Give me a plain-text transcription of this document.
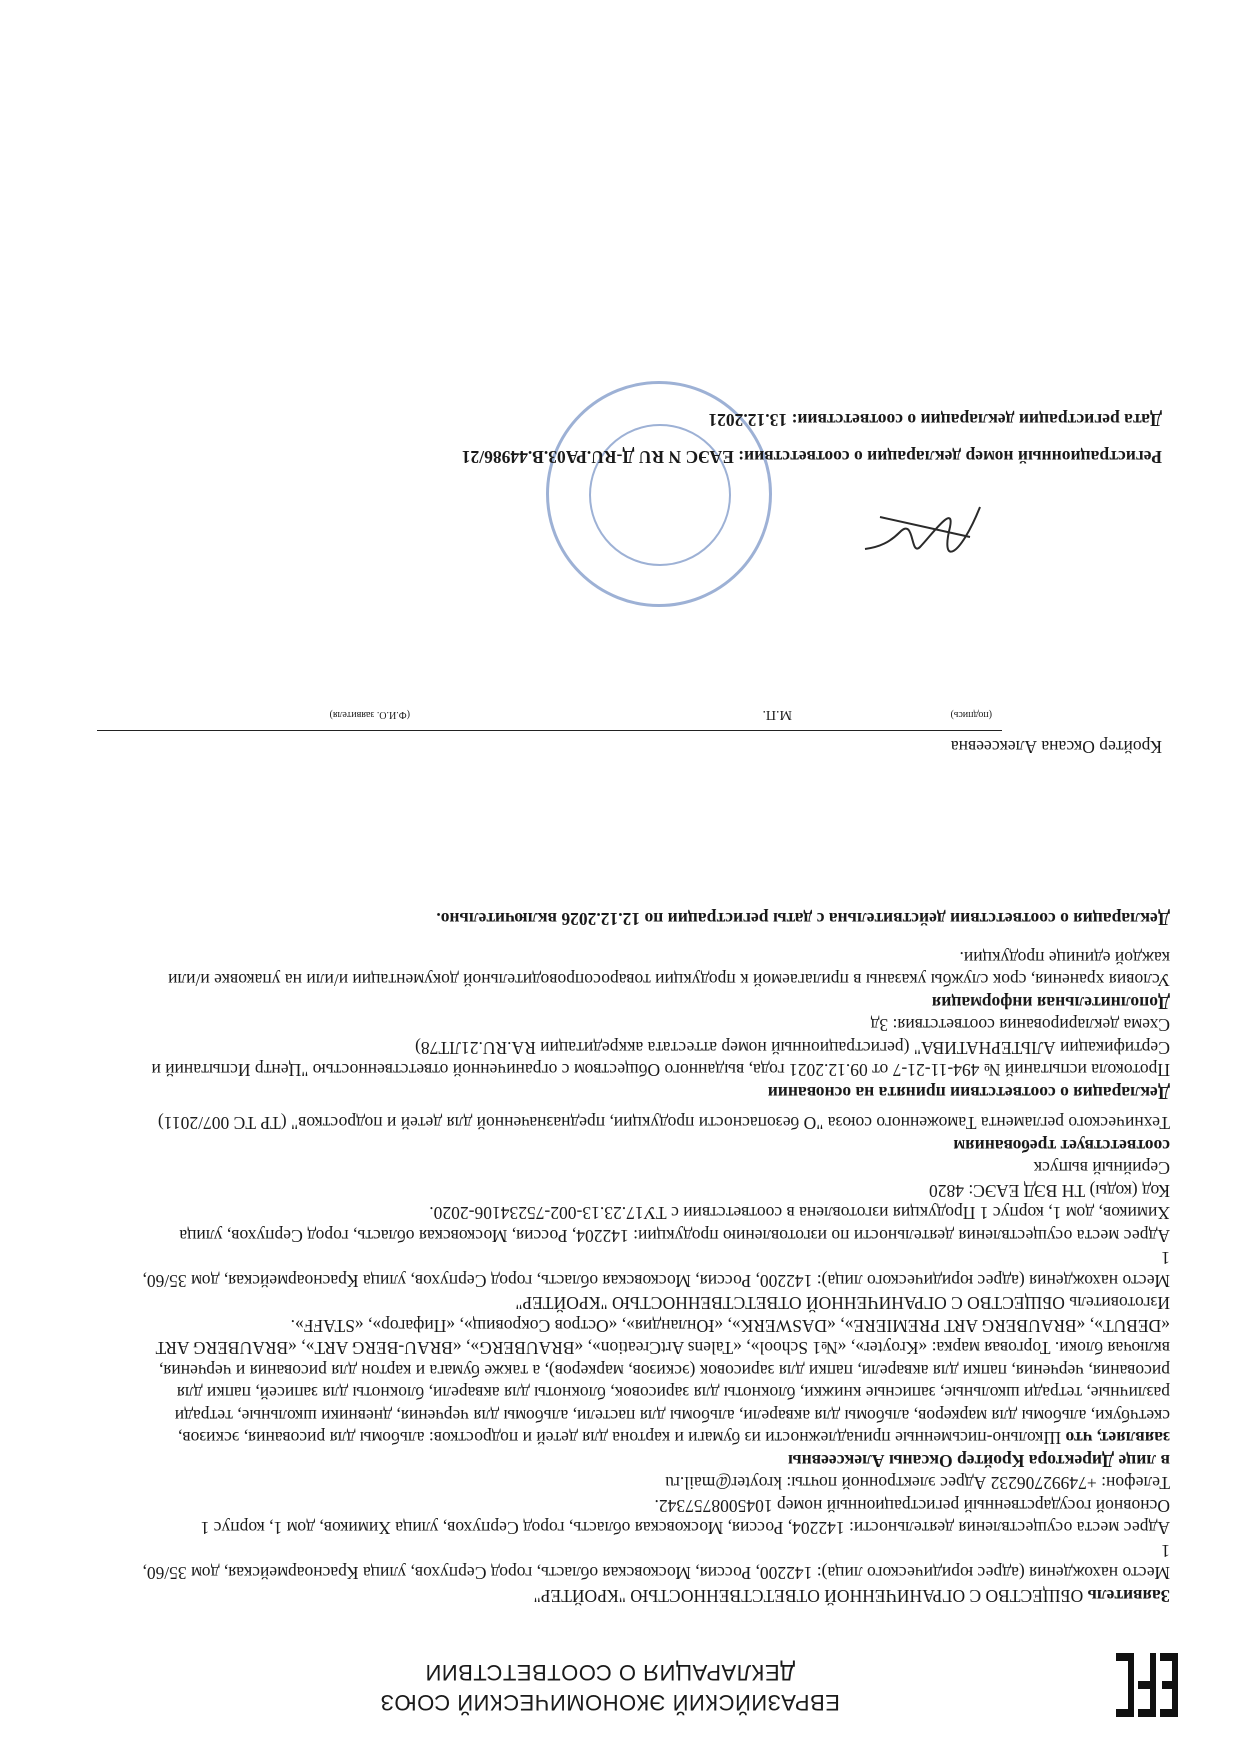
ЕВРАЗИЙСКИЙ ЭКОНОМИЧЕСКИЙ СОЮЗ
ДЕКЛАРАЦИЯ О СООТВЕТСТВИИ

Заявитель ОБЩЕСТВО С ОГРАНИЧЕННОЙ ОТВЕТСТВЕННОСТЬЮ "КРОЙТЕР"

Место нахождения (адрес юридического лица): 142200, Россия, Московская область, город Серпухов, улица Красноармейская, дом 35/60, 1

Адрес места осуществления деятельности: 142204, Россия, Московская область, город Серпухов, улица Химиков, дом 1, корпус 1

Основной государственный регистрационный номер 1045008757342.

Телефон: +74992706232 Адрес электронной почты: kroyter@mail.ru

в лице Директора Кройтер Оксаны Алексеевны

заявляет, что Школьно-письменные принадлежности из бумаги и картона для детей и подростков: альбомы для рисования, эскизов, скетчбуки, альбомы для маркеров, альбомы для акварели, альбомы для пастели, альбомы для черчения, дневники школьные, тетради различные, тетради школьные, записные книжки, блокноты для зарисовок, блокноты для акварели, блокноты для записей, папки для рисования, черчения, папки для акварели, папки для зарисовок (эскизов, маркеров), а также бумага и картон для рисования и черчения, включая блоки. Торговая марка: «Kroyter», «№1 School», «Talens ArtCreation», «BRAUBERG», «BRAU-BERG ART», «BRAUBERG ART «DEBUT», «BRAUBERG ART PREMIERE», «DASWERK», «Юнландия», «Остров Сокровищ», «Пифагор», «STAFF».

Изготовитель ОБЩЕСТВО С ОГРАНИЧЕННОЙ ОТВЕТСТВЕННОСТЬЮ "КРОЙТЕР"

Место нахождения (адрес юридического лица): 142200, Россия, Московская область, город Серпухов, улица Красноармейская, дом 35/60, 1

Адрес места осуществления деятельности по изготовлению продукции: 142204, Россия, Московская область, город Серпухов, улица Химиков, дом 1, корпус 1 Продукция изготовлена в соответствии с ТУ17.23.13-002-75234106-2020.

Код (коды) ТН ВЭД ЕАЭС: 4820

Серийный выпуск

соответствует требованиям

Технического регламента Таможенного союза "О безопасности продукции, предназначенной для детей и подростков" (ТР ТС 007/2011)

Декларация о соответствии принята на основании

Протокола испытаний № 494-11-21-7 от 09.12.2021 года, выданного Обществом с ограниченной ответственностью "Центр Испытаний и Сертификации АЛЬТЕРНАТИВА" (регистрационный номер аттестата аккредитации RA.RU.21ЛТ78)

Схема декларирования соответствия: 3д

Дополнительная информация

Условия хранения, срок службы указаны в прилагаемой к продукции товаросопроводительной документации и/или на упаковке и/или каждой единице продукции.

Декларация о соответствии действительна с даты регистрации по 12.12.2026 включительно.

Кройтер Оксана Алексеевна
(подпись)
М.П.
(Ф.И.О. заявителя)
Регистрационный номер декларации о соответствии: ЕАЭС N RU Д-RU.РА03.В.44986/21
Дата регистрации декларации о соответствии: 13.12.2021
